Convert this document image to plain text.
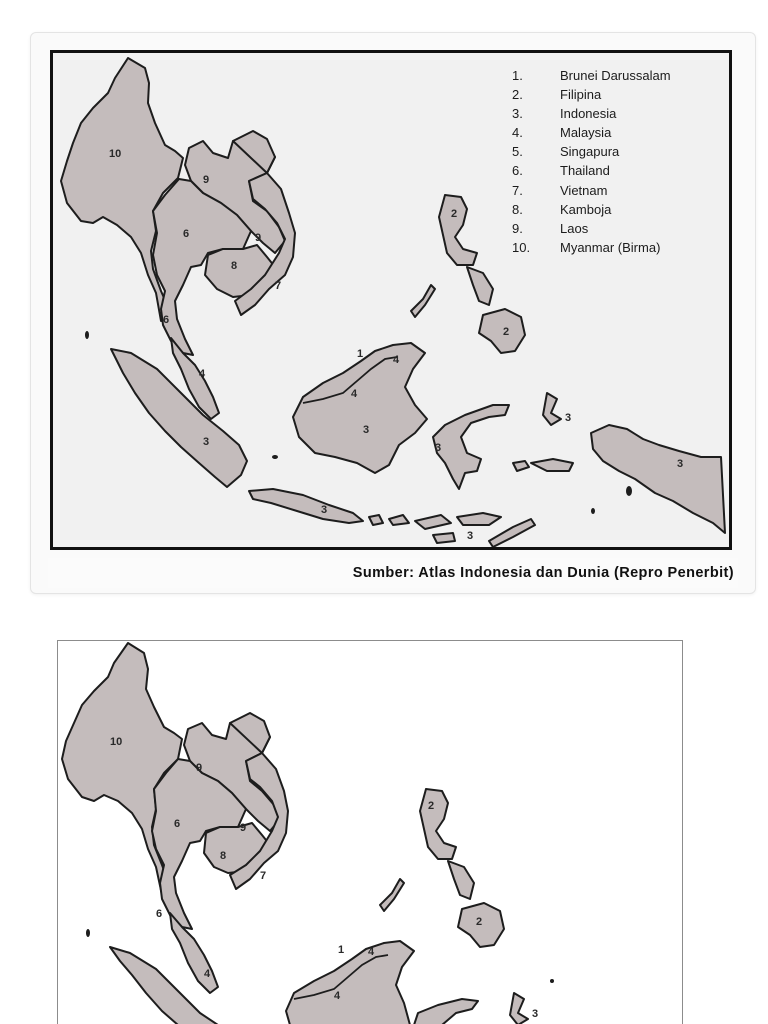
10
9
6	9
8
7
6
4
3
1	4
4
3
3
3
3
3
3
2
2
1.	Brunei Darussalam
2.	Filipina
3.	Indonesia
4.	Malaysia
5.	Singapura
6.	Thailand
7.	Vietnam
8.	Kamboja
9.	Laos
10.	Myanmar (Birma)
Sumber: Atlas Indonesia dan Dunia (Repro Penerbit)
10
9
6	9
8
7
6
4
1 4
4
2
2
3
